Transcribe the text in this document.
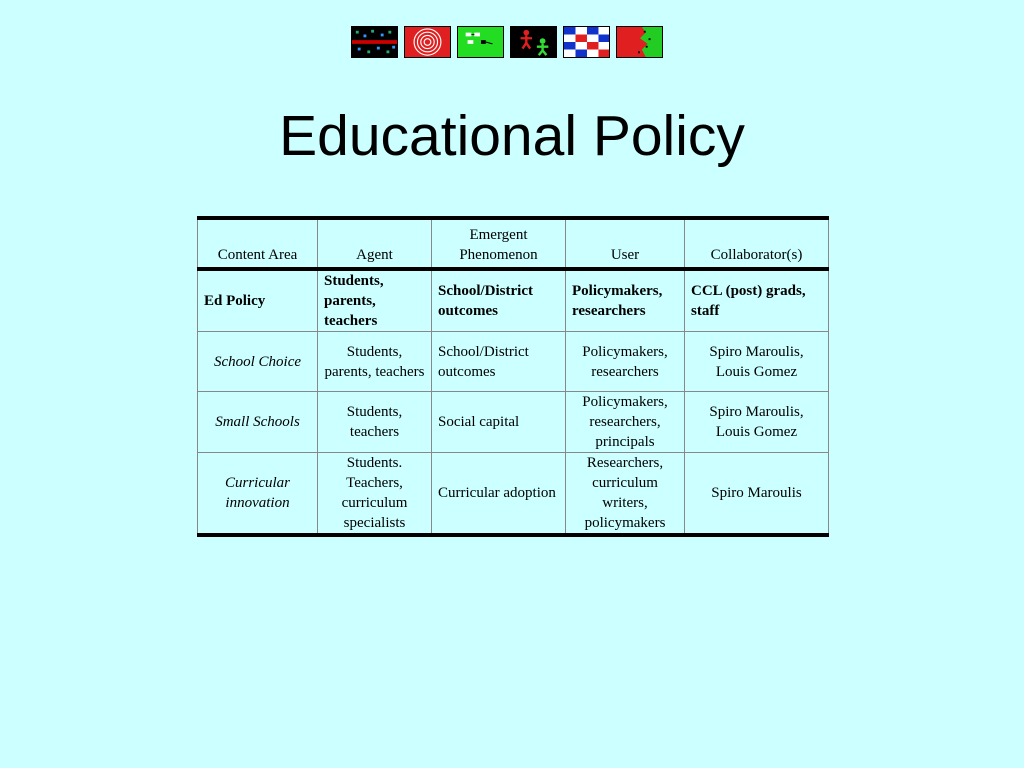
Educational Policy
Content Area	Agent	Emergent Phenomenon	User	Collaborator(s)
Ed Policy	Students, parents, teachers	School/District outcomes	Policymakers, researchers	CCL (post) grads, staff
School Choice	Students, parents, teachers	School/District outcomes	Policymakers, researchers	Spiro Maroulis, Louis Gomez
Small Schools	Students, teachers	Social capital	Policymakers, researchers, principals	Spiro Maroulis, Louis Gomez
Curricular innovation	Students. Teachers, curriculum specialists	Curricular adoption	Researchers, curriculum writers, policymakers	Spiro Maroulis
